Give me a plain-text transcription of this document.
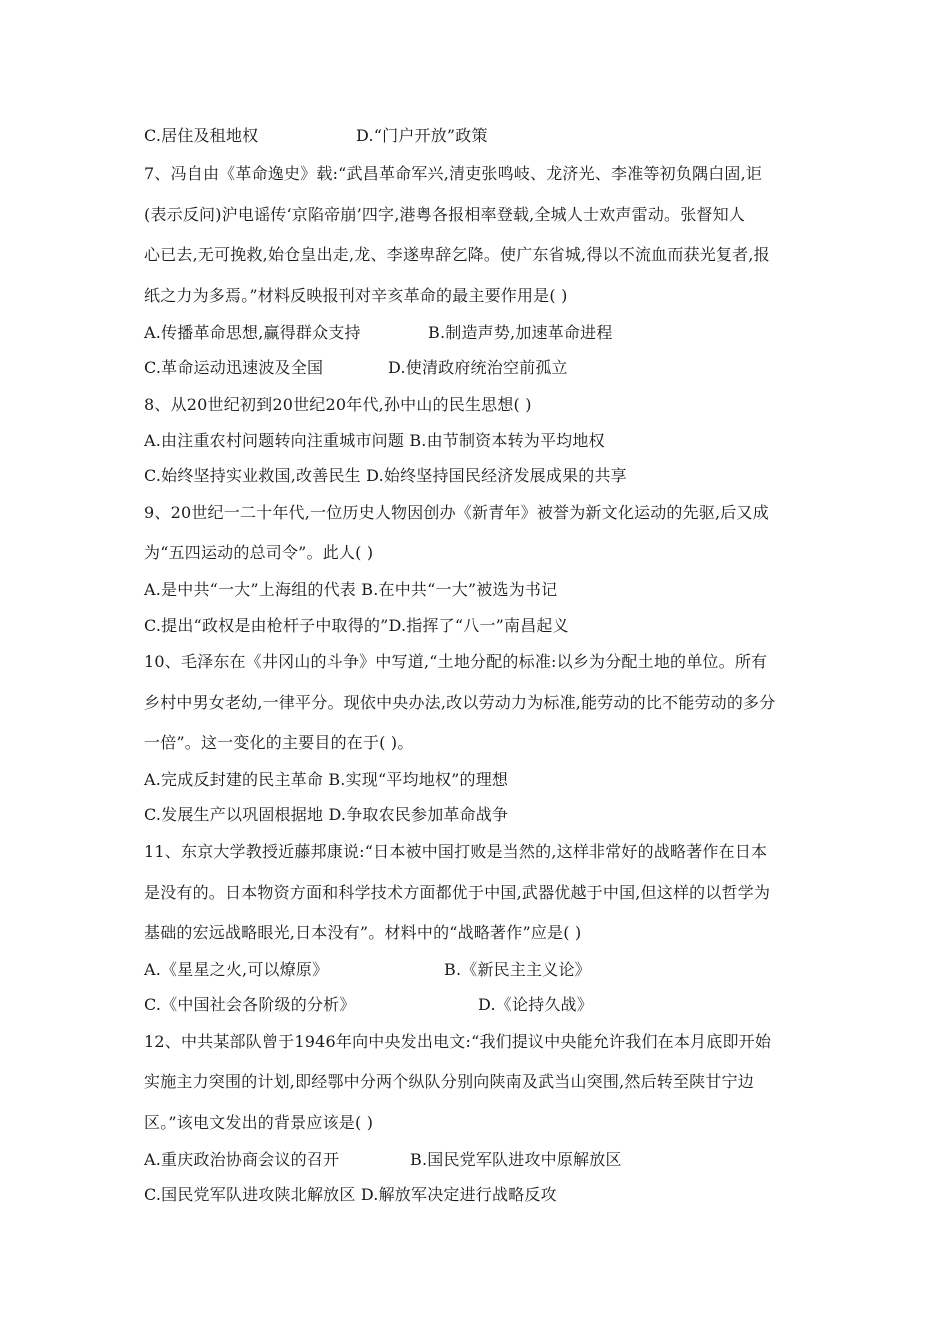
C.居住及租地权	D.“门户开放”政策
7、冯自由《革命逸史》载:“武昌革命军兴,清吏张鸣岐、龙济光、李准等初负隅白固,讵
(表示反问)沪电谣传‘京陷帝崩’四字,港粤各报相率登载,全城人士欢声雷动。张督知人
心已去,无可挽救,始仓皇出走,龙、李遂卑辞乞降。使广东省城,得以不流血而获光复者,报
纸之力为多焉。”材料反映报刊对辛亥革命的最主要作用是( )
A.传播革命思想,赢得群众支持	B.制造声势,加速革命进程
C.革命运动迅速波及全国	D.使清政府统治空前孤立
8、从20世纪初到20世纪20年代,孙中山的民生思想( )
A.由注重农村问题转向注重城市问题 B.由节制资本转为平均地权
C.始终坚持实业救国,改善民生 D.始终坚持国民经济发展成果的共享
9、20世纪一二十年代,一位历史人物因创办《新青年》被誉为新文化运动的先驱,后又成
为“五四运动的总司令”。此人( )
A.是中共“一大”上海组的代表 B.在中共“一大”被选为书记
C.提出“政权是由枪杆子中取得的”D.指挥了“八一”南昌起义
10、毛泽东在《井冈山的斗争》中写道,“土地分配的标准:以乡为分配土地的单位。所有
乡村中男女老幼,一律平分。现依中央办法,改以劳动力为标准,能劳动的比不能劳动的多分
一倍”。这一变化的主要目的在于( )。
A.完成反封建的民主革命 B.实现“平均地权”的理想
C.发展生产以巩固根据地 D.争取农民参加革命战争
11、东京大学教授近藤邦康说:“日本被中国打败是当然的,这样非常好的战略著作在日本
是没有的。日本物资方面和科学技术方面都优于中国,武器优越于中国,但这样的以哲学为
基础的宏远战略眼光,日本没有”。材料中的“战略著作”应是( )
A.《星星之火,可以燎原》	B.《新民主主义论》
C.《中国社会各阶级的分析》	D.《论持久战》
12、中共某部队曾于1946年向中央发出电文:“我们提议中央能允许我们在本月底即开始
实施主力突围的计划,即经鄂中分两个纵队分别向陕南及武当山突围,然后转至陕甘宁边
区。”该电文发出的背景应该是( )
A.重庆政治协商会议的召开	B.国民党军队进攻中原解放区
C.国民党军队进攻陕北解放区 D.解放军决定进行战略反攻
